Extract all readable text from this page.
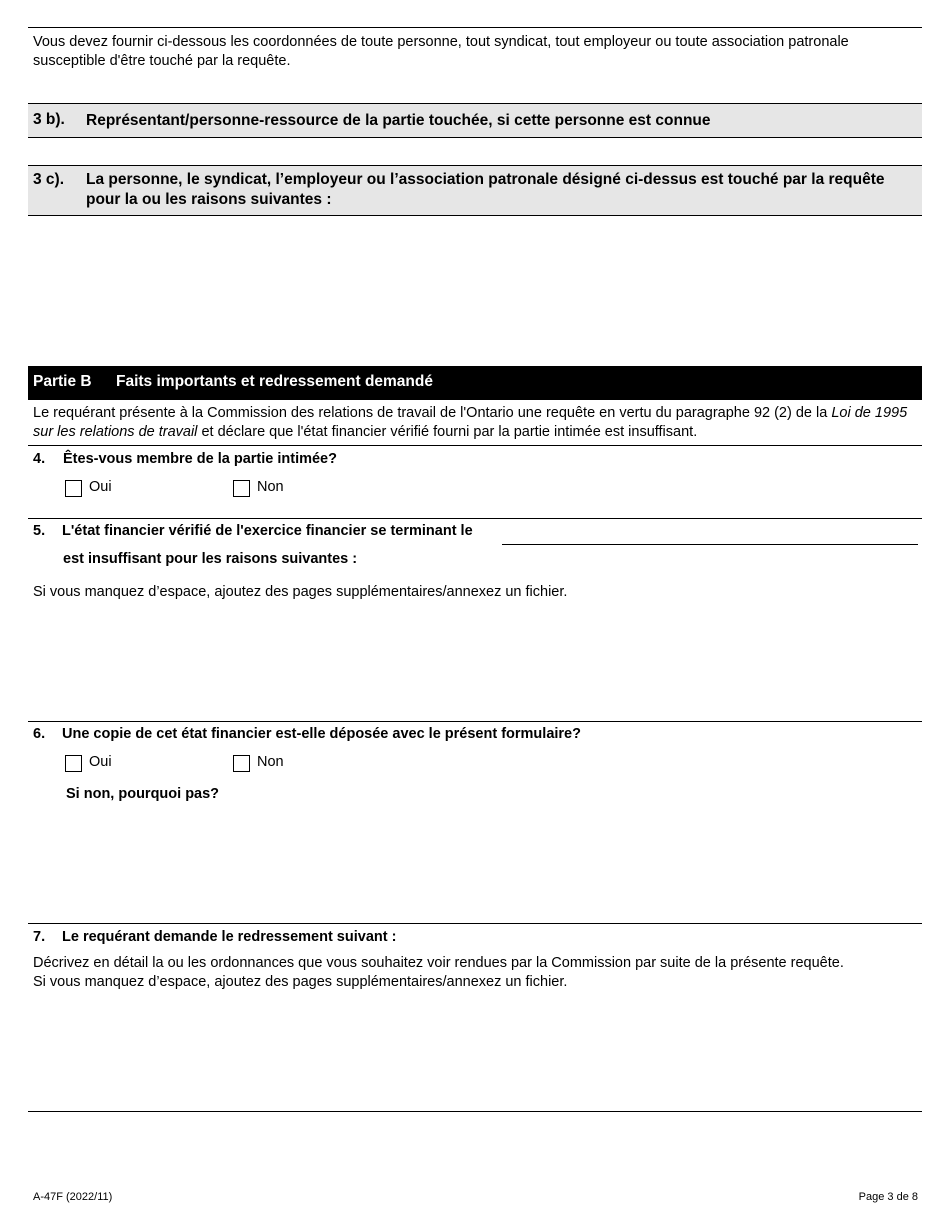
Vous devez fournir ci-dessous les coordonnées de toute personne, tout syndicat, tout employeur ou toute association patronale susceptible d'être touché par la requête.
3 b). Représentant/personne-ressource de la partie touchée, si cette personne est connue
3 c). La personne, le syndicat, l’employeur ou l’association patronale désigné ci-dessus est touché par la requête pour la ou les raisons suivantes :
Partie B Faits importants et redressement demandé
Le requérant présente à la Commission des relations de travail de l'Ontario une requête en vertu du paragraphe 92 (2) de la Loi de 1995 sur les relations de travail et déclare que l'état financier vérifié fourni par la partie intimée est insuffisant.
4. Êtes-vous membre de la partie intimée?
Oui	Non
5. L'état financier vérifié de l'exercice financier se terminant le
est insuffisant pour les raisons suivantes :
Si vous manquez d’espace, ajoutez des pages supplémentaires/annexez un fichier.
6. Une copie de cet état financier est-elle déposée avec le présent formulaire?
Oui	Non
Si non, pourquoi pas?
7. Le requérant demande le redressement suivant :
Décrivez en détail la ou les ordonnances que vous souhaitez voir rendues par la Commission par suite de la présente requête.
Si vous manquez d’espace, ajoutez des pages supplémentaires/annexez un fichier.
A-47F (2022/11)	Page 3 de 8
